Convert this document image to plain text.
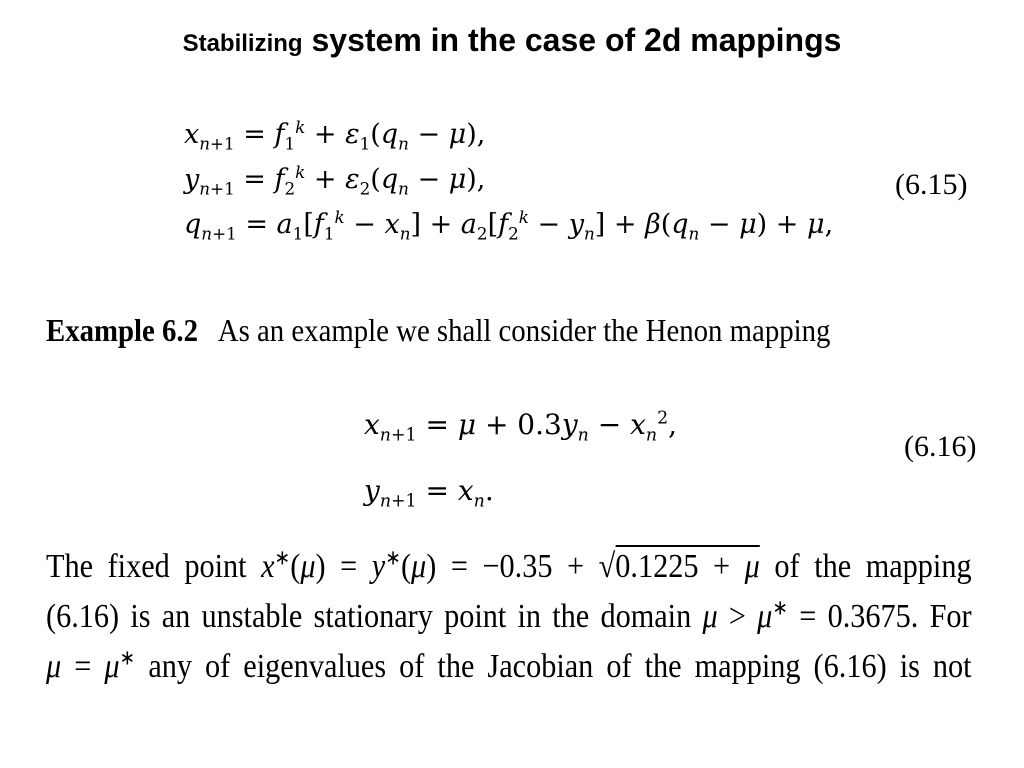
Stabilizing system in the case of 2d mappings
$x_{n+1} = f_1^k + \varepsilon_1(q_n - \mu)$,
$y_{n+1} = f_2^k + \varepsilon_2(q_n - \mu)$,
$q_{n+1} = a_1[f_1^k - x_n] + a_2[f_2^k - y_n] + \beta(q_n - \mu) + \mu$,
(6.15)
Example 6.2 As an example we shall consider the Henon mapping
$x_{n+1} = \mu + 0.3y_n - x_n^2$,
$y_{n+1} = x_n$.
(6.16)
The fixed point x∗(μ) = y∗(μ) = −0.35 + √0.1225 + μ of the mapping
(6.16) is an unstable stationary point in the domain μ > μ∗ = 0.3675. For
μ = μ∗ any of eigenvalues of the Jacobian of the mapping (6.16) is not
